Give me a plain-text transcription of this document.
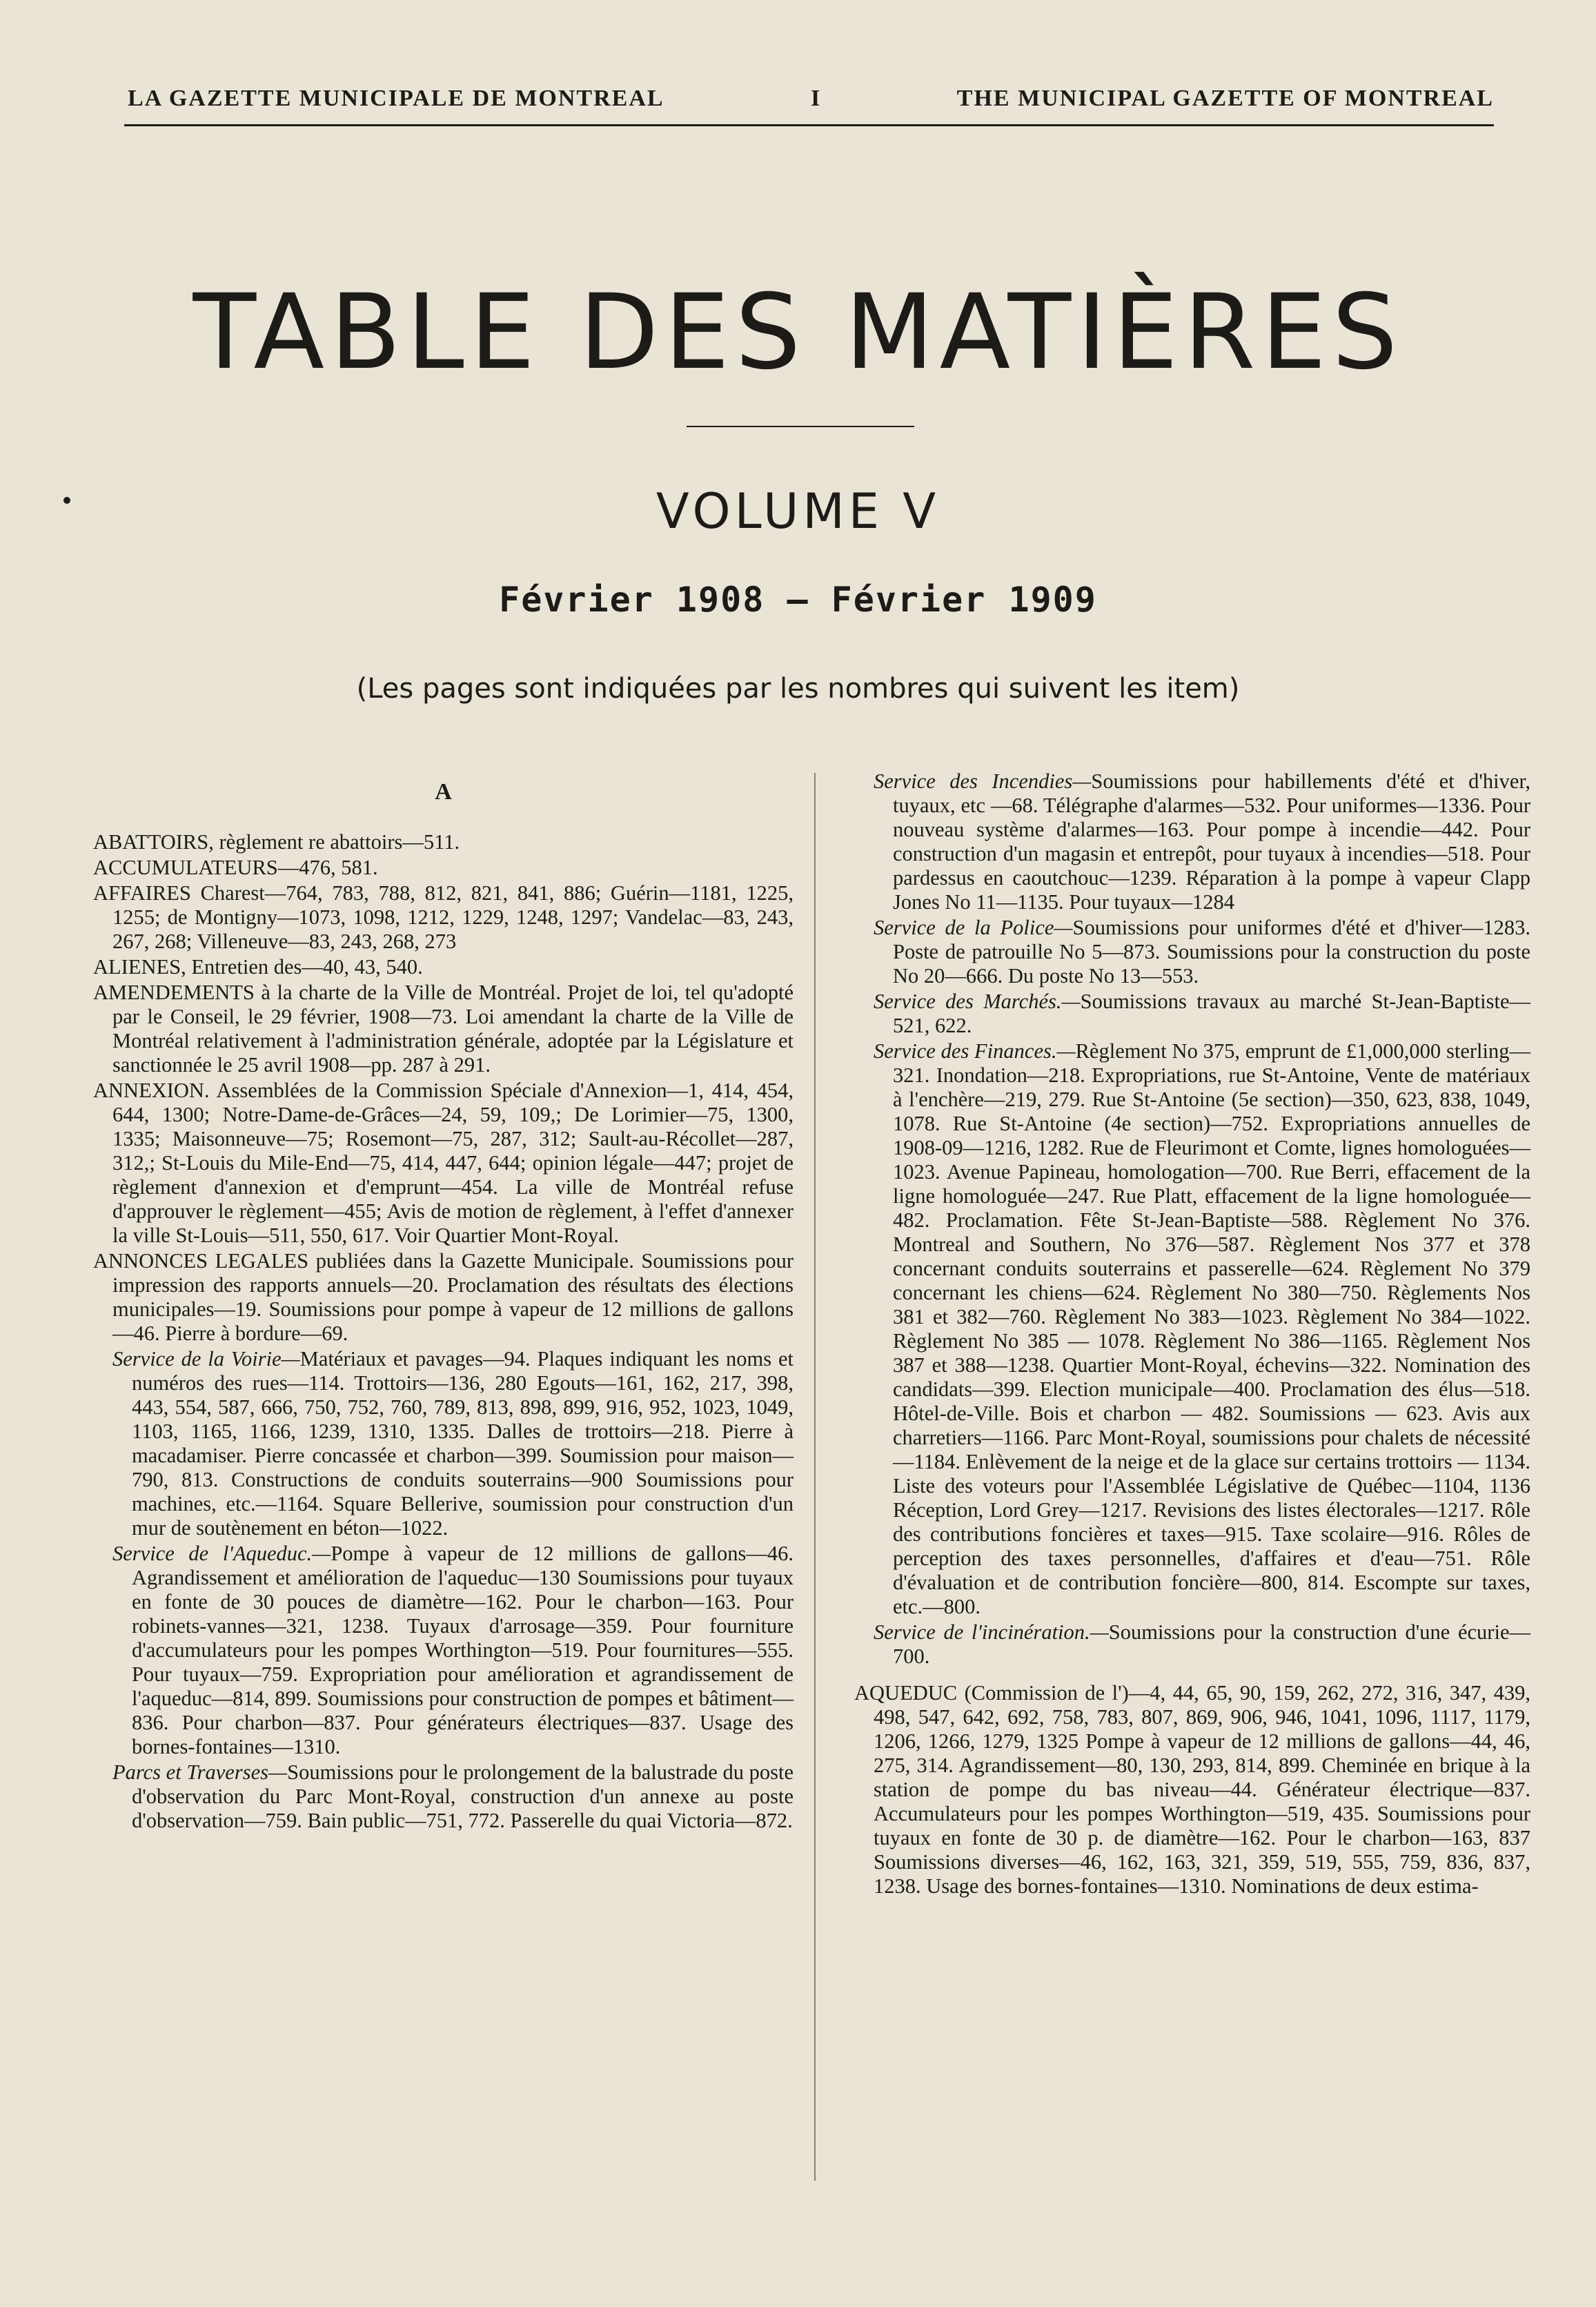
LA GAZETTE MUNICIPALE DE MONTREAL	I	THE MUNICIPAL GAZETTE OF MONTREAL
TABLE DES MATIÈRES
VOLUME V
Février 1908 — Février 1909
(Les pages sont indiquées par les nombres qui suivent les item)
A

ABATTOIRS, règlement re abattoirs—511.

ACCUMULATEURS—476, 581.

AFFAIRES Charest—764, 783, 788, 812, 821, 841, 886; Guérin—1181, 1225, 1255; de Montigny—1073, 1098, 1212, 1229, 1248, 1297; Vandelac—83, 243, 267, 268; Villeneuve—83, 243, 268, 273

ALIENES, Entretien des—40, 43, 540.

AMENDEMENTS à la charte de la Ville de Montréal. Projet de loi, tel qu'adopté par le Conseil, le 29 février, 1908—73. Loi amendant la charte de la Ville de Montréal relativement à l'administration générale, adoptée par la Législature et sanctionnée le 25 avril 1908—pp. 287 à 291.

ANNEXION. Assemblées de la Commission Spéciale d'Annexion—1, 414, 454, 644, 1300; Notre-Dame-de-Grâces—24, 59, 109,; De Lorimier—75, 1300, 1335; Maisonneuve—75; Rosemont—75, 287, 312; Sault-au-Récollet—287, 312,; St-Louis du Mile-End—75, 414, 447, 644; opinion légale—447; projet de règlement d'annexion et d'emprunt—454. La ville de Montréal refuse d'approuver le règlement—455; Avis de motion de règlement, à l'effet d'annexer la ville St-Louis—511, 550, 617. Voir Quartier Mont-Royal.

ANNONCES LEGALES publiées dans la Gazette Municipale. Soumissions pour impression des rapports annuels—20. Proclamation des résultats des élections municipales—19. Soumissions pour pompe à vapeur de 12 millions de gallons—46. Pierre à bordure—69.

Service de la Voirie—Matériaux et pavages—94. Plaques indiquant les noms et numéros des rues—114. Trottoirs—136, 280 Egouts—161, 162, 217, 398, 443, 554, 587, 666, 750, 752, 760, 789, 813, 898, 899, 916, 952, 1023, 1049, 1103, 1165, 1166, 1239, 1310, 1335. Dalles de trottoirs—218. Pierre à macadamiser. Pierre concassée et charbon—399. Soumission pour maison—790, 813. Constructions de conduits souterrains—900 Soumissions pour machines, etc.—1164. Square Bellerive, soumission pour construction d'un mur de soutènement en béton—1022.

Service de l'Aqueduc.—Pompe à vapeur de 12 millions de gallons—46. Agrandissement et amélioration de l'aqueduc—130 Soumissions pour tuyaux en fonte de 30 pouces de diamètre—162. Pour le charbon—163. Pour robinets-vannes—321, 1238. Tuyaux d'arrosage—359. Pour fourniture d'accumulateurs pour les pompes Worthington—519. Pour fournitures—555. Pour tuyaux—759. Expropriation pour amélioration et agrandissement de l'aqueduc—814, 899. Soumissions pour construction de pompes et bâtiment—836. Pour charbon—837. Pour générateurs électriques—837. Usage des bornes-fontaines—1310.

Parcs et Traverses—Soumissions pour le prolongement de la balustrade du poste d'observation du Parc Mont-Royal, construction d'un annexe au poste d'observation—759. Bain public—751, 772. Passerelle du quai Victoria—872.

Service des Incendies—Soumissions pour habillements d'été et d'hiver, tuyaux, etc —68. Télégraphe d'alarmes—532. Pour uniformes—1336. Pour nouveau système d'alarmes—163. Pour pompe à incendie—442. Pour construction d'un magasin et entrepôt, pour tuyaux à incendies—518. Pour pardessus en caoutchouc—1239. Réparation à la pompe à vapeur Clapp Jones No 11—1135. Pour tuyaux—1284

Service de la Police—Soumissions pour uniformes d'été et d'hiver—1283. Poste de patrouille No 5—873. Soumissions pour la construction du poste No 20—666. Du poste No 13—553.

Service des Marchés.—Soumissions travaux au marché St-Jean-Baptiste—521, 622.

Service des Finances.—Règlement No 375, emprunt de £1,000,000 sterling—321. Inondation—218. Expropriations, rue St-Antoine, Vente de matériaux à l'enchère—219, 279. Rue St-Antoine (5e section)—350, 623, 838, 1049, 1078. Rue St-Antoine (4e section)—752. Expropriations annuelles de 1908-09—1216, 1282. Rue de Fleurimont et Comte, lignes homologuées—1023. Avenue Papineau, homologation—700. Rue Berri, effacement de la ligne homologuée—247. Rue Platt, effacement de la ligne homologuée—482. Proclamation. Fête St-Jean-Baptiste—588. Règlement No 376. Montreal and Southern, No 376—587. Règlement Nos 377 et 378 concernant conduits souterrains et passerelle—624. Règlement No 379 concernant les chiens—624. Règlement No 380—750. Règlements Nos 381 et 382—760. Règlement No 383—1023. Règlement No 384—1022. Règlement No 385 — 1078. Règlement No 386—1165. Règlement Nos 387 et 388—1238. Quartier Mont-Royal, échevins—322. Nomination des candidats—399. Election municipale—400. Proclamation des élus—518. Hôtel-de-Ville. Bois et charbon — 482. Soumissions — 623. Avis aux charretiers—1166. Parc Mont-Royal, soumissions pour chalets de nécessité—1184. Enlèvement de la neige et de la glace sur certains trottoirs — 1134. Liste des voteurs pour l'Assemblée Législative de Québec—1104, 1136 Réception, Lord Grey—1217. Revisions des listes électorales—1217. Rôle des contributions foncières et taxes—915. Taxe scolaire—916. Rôles de perception des taxes personnelles, d'affaires et d'eau—751. Rôle d'évaluation et de contribution foncière—800, 814. Escompte sur taxes, etc.—800.

Service de l'incinération.—Soumissions pour la construction d'une écurie—700.

AQUEDUC (Commission de l')—4, 44, 65, 90, 159, 262, 272, 316, 347, 439, 498, 547, 642, 692, 758, 783, 807, 869, 906, 946, 1041, 1096, 1117, 1179, 1206, 1266, 1279, 1325 Pompe à vapeur de 12 millions de gallons—44, 46, 275, 314. Agrandissement—80, 130, 293, 814, 899. Cheminée en brique à la station de pompe du bas niveau—44. Générateur électrique—837. Accumulateurs pour les pompes Worthington—519, 435. Soumissions pour tuyaux en fonte de 30 p. de diamètre—162. Pour le charbon—163, 837 Soumissions diverses—46, 162, 163, 321, 359, 519, 555, 759, 836, 837, 1238. Usage des bornes-fontaines—1310. Nominations de deux estima-
